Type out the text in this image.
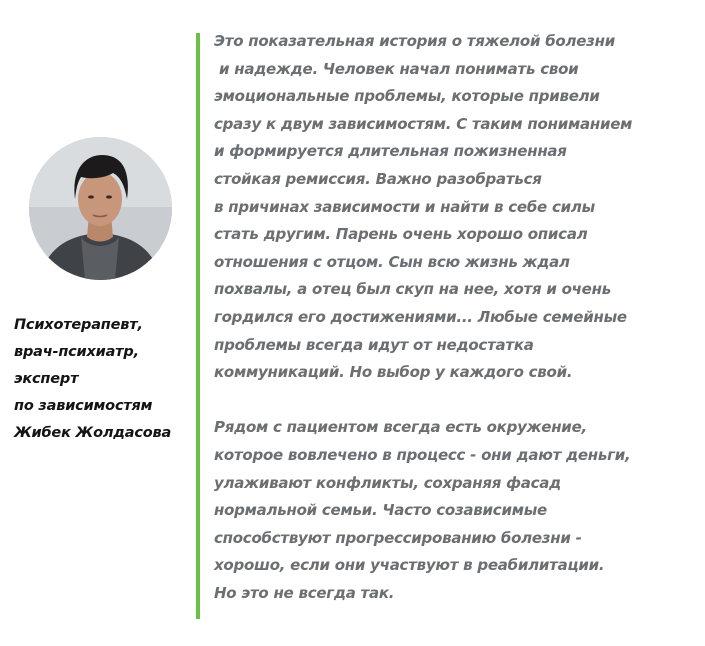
Психотерапевт,
врач-психиатр,
эксперт
по зависимостям
Жибек Жолдасова
Это показательная история о тяжелой болезни
и надежде. Человек начал понимать свои
эмоциональные проблемы, которые привели
сразу к двум зависимостям. С таким пониманием
и формируется длительная пожизненная
стойкая ремиссия. Важно разобраться
в причинах зависимости и найти в себе силы
стать другим. Парень очень хорошо описал
отношения с отцом. Сын всю жизнь ждал
похвалы, а отец был скуп на нее, хотя и очень
гордился его достижениями... Любые семейные
проблемы всегда идут от недостатка
коммуникаций. Но выбор у каждого свой.
Рядом с пациентом всегда есть окружение,
которое вовлечено в процесс - они дают деньги,
улаживают конфликты, сохраняя фасад
нормальной семьи. Часто созависимые
способствуют прогрессированию болезни -
хорошо, если они участвуют в реабилитации.
Но это не всегда так.
